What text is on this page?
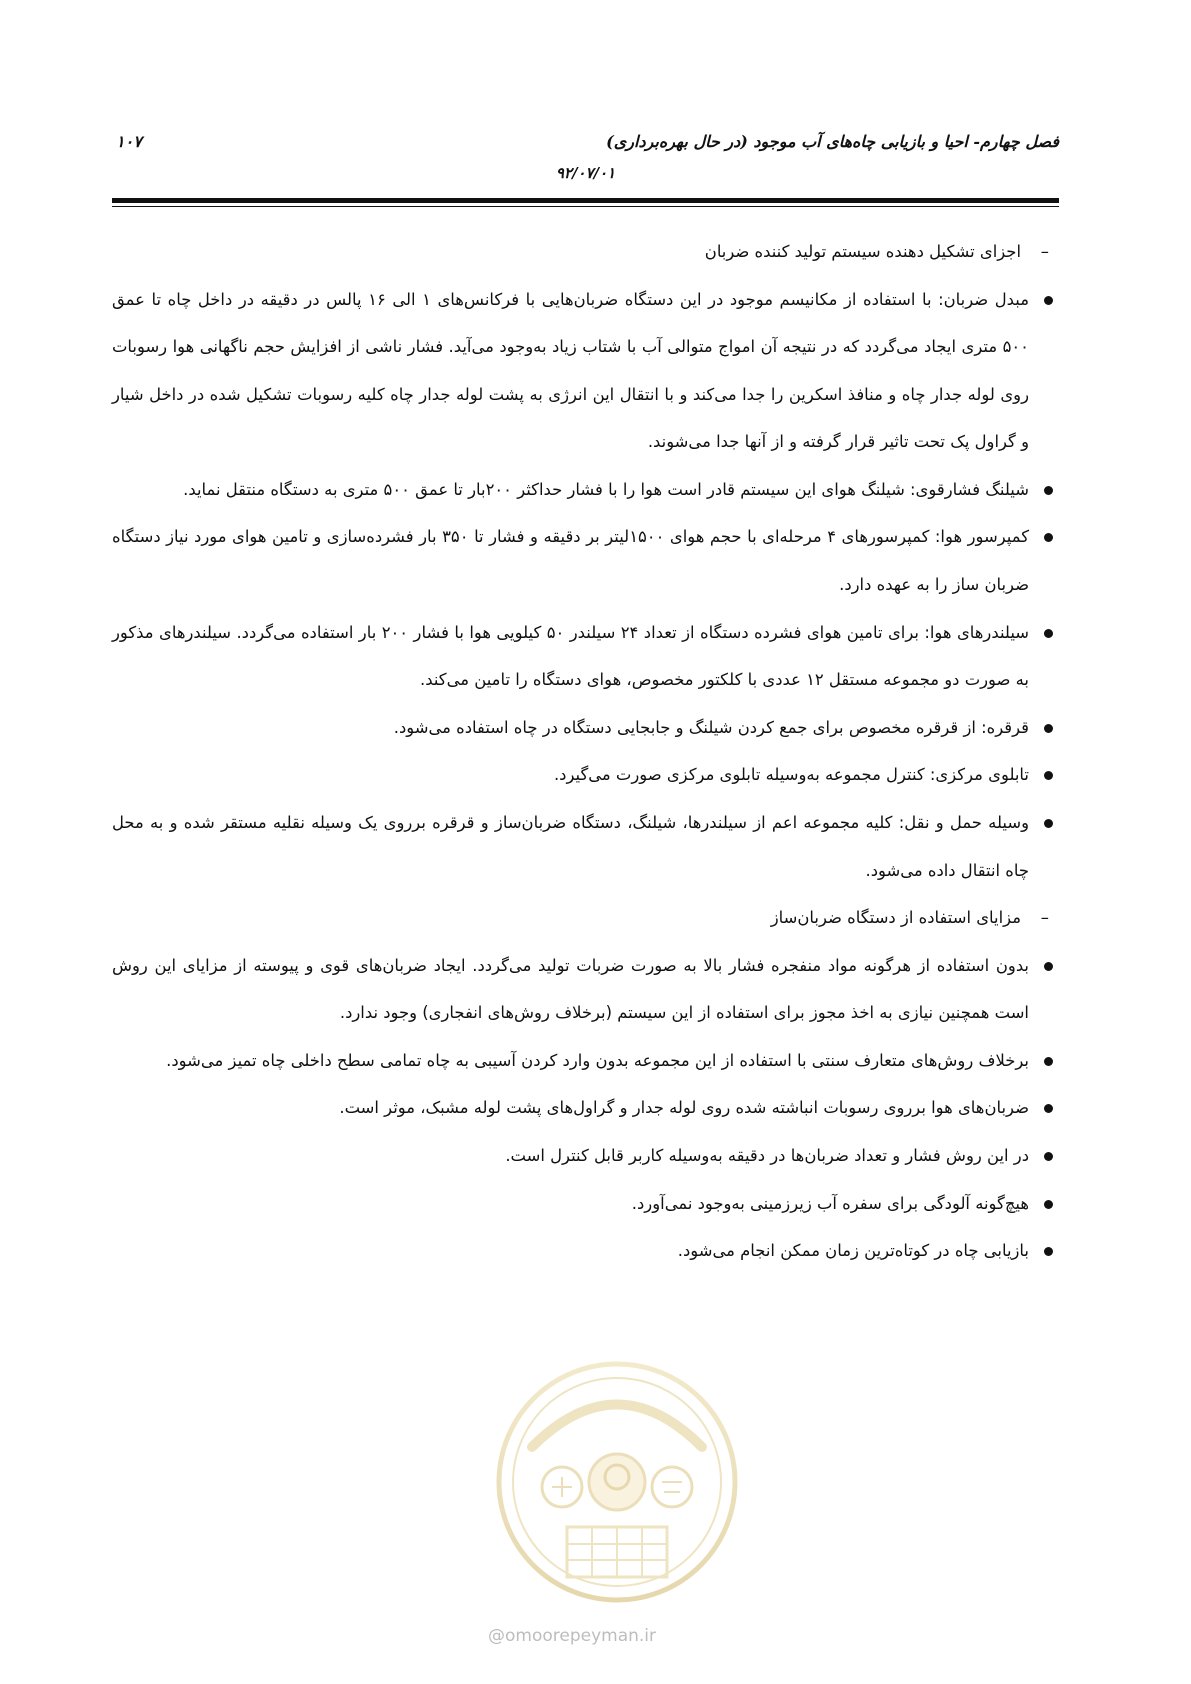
فصل چهارم- احیا و بازیابی چاه‌های آب موجود (در حال بهره‌برداری)
۱۰۷
۹۲/۰۷/۰۱

–
اجزای تشکیل دهنده سیستم تولید کننده ضربان

مبدل ضربان: با استفاده از مکانیسم موجود در این دستگاه ضربان‌هایی با فرکانس‌های ۱ الی ۱۶ پالس در دقیقه در داخل چاه تا عمق ۵۰۰ متری ایجاد می‌گردد که در نتیجه آن امواج متوالی آب با شتاب زیاد به‌وجود می‌آید. فشار ناشی از افزایش حجم ناگهانی هوا رسوبات روی لوله جدار چاه و منافذ اسکرین را جدا می‌کند و با انتقال این انرژی به پشت لوله جدار چاه کلیه رسوبات تشکیل شده در داخل شیار و گراول پک تحت تاثیر قرار گرفته و از آنها جدا می‌شوند.
شیلنگ فشارقوی: شیلنگ هوای این سیستم قادر است هوا را با فشار حداکثر ۲۰۰بار تا عمق ۵۰۰ متری به دستگاه منتقل نماید.
کمپرسور هوا: کمپرسورهای ۴ مرحله‌ای با حجم هوای ۱۵۰۰لیتر بر دقیقه و فشار تا ۳۵۰ بار فشرده‌سازی و تامین هوای مورد نیاز دستگاه ضربان ساز را به عهده دارد.
سیلندرهای هوا: برای تامین هوای فشرده دستگاه از تعداد ۲۴ سیلندر ۵۰ کیلویی هوا با فشار ۲۰۰ بار استفاده می‌گردد. سیلندرهای مذکور به صورت دو مجموعه مستقل ۱۲ عددی با کلکتور مخصوص، هوای دستگاه را تامین می‌کند.
قرقره: از قرقره مخصوص برای جمع کردن شیلنگ و جابجایی دستگاه در چاه استفاده می‌شود.
تابلوی مرکزی: کنترل مجموعه به‌وسیله تابلوی مرکزی صورت می‌گیرد.
وسیله حمل و نقل: کلیه مجموعه اعم از سیلندرها، شیلنگ، دستگاه ضربان‌ساز و قرقره برروی یک وسیله نقلیه مستقر شده و به محل چاه انتقال داده می‌شود.

–
مزایای استفاده از دستگاه ضربان‌ساز

بدون استفاده از هرگونه مواد منفجره فشار بالا به صورت ضربات تولید می‌گردد. ایجاد ضربان‌های قوی و پیوسته از مزایای این روش است همچنین نیازی به اخذ مجوز برای استفاده از این سیستم (برخلاف روش‌های انفجاری) وجود ندارد.
برخلاف روش‌های متعارف سنتی با استفاده از این مجموعه بدون وارد کردن آسیبی به چاه تمامی سطح داخلی چاه تمیز می‌شود.
ضربان‌های هوا برروی رسوبات انباشته شده روی لوله جدار و گراول‌های پشت لوله مشبک، موثر است.
در این روش فشار و تعداد ضربان‌ها در دقیقه به‌وسیله کاربر قابل کنترل است.
هیچ‌گونه آلودگی برای سفره آب زیرزمینی به‌وجود نمی‌آورد.
بازیابی چاه در کوتاه‌ترین زمان ممکن انجام می‌شود.
@omoorepeyman.ir
